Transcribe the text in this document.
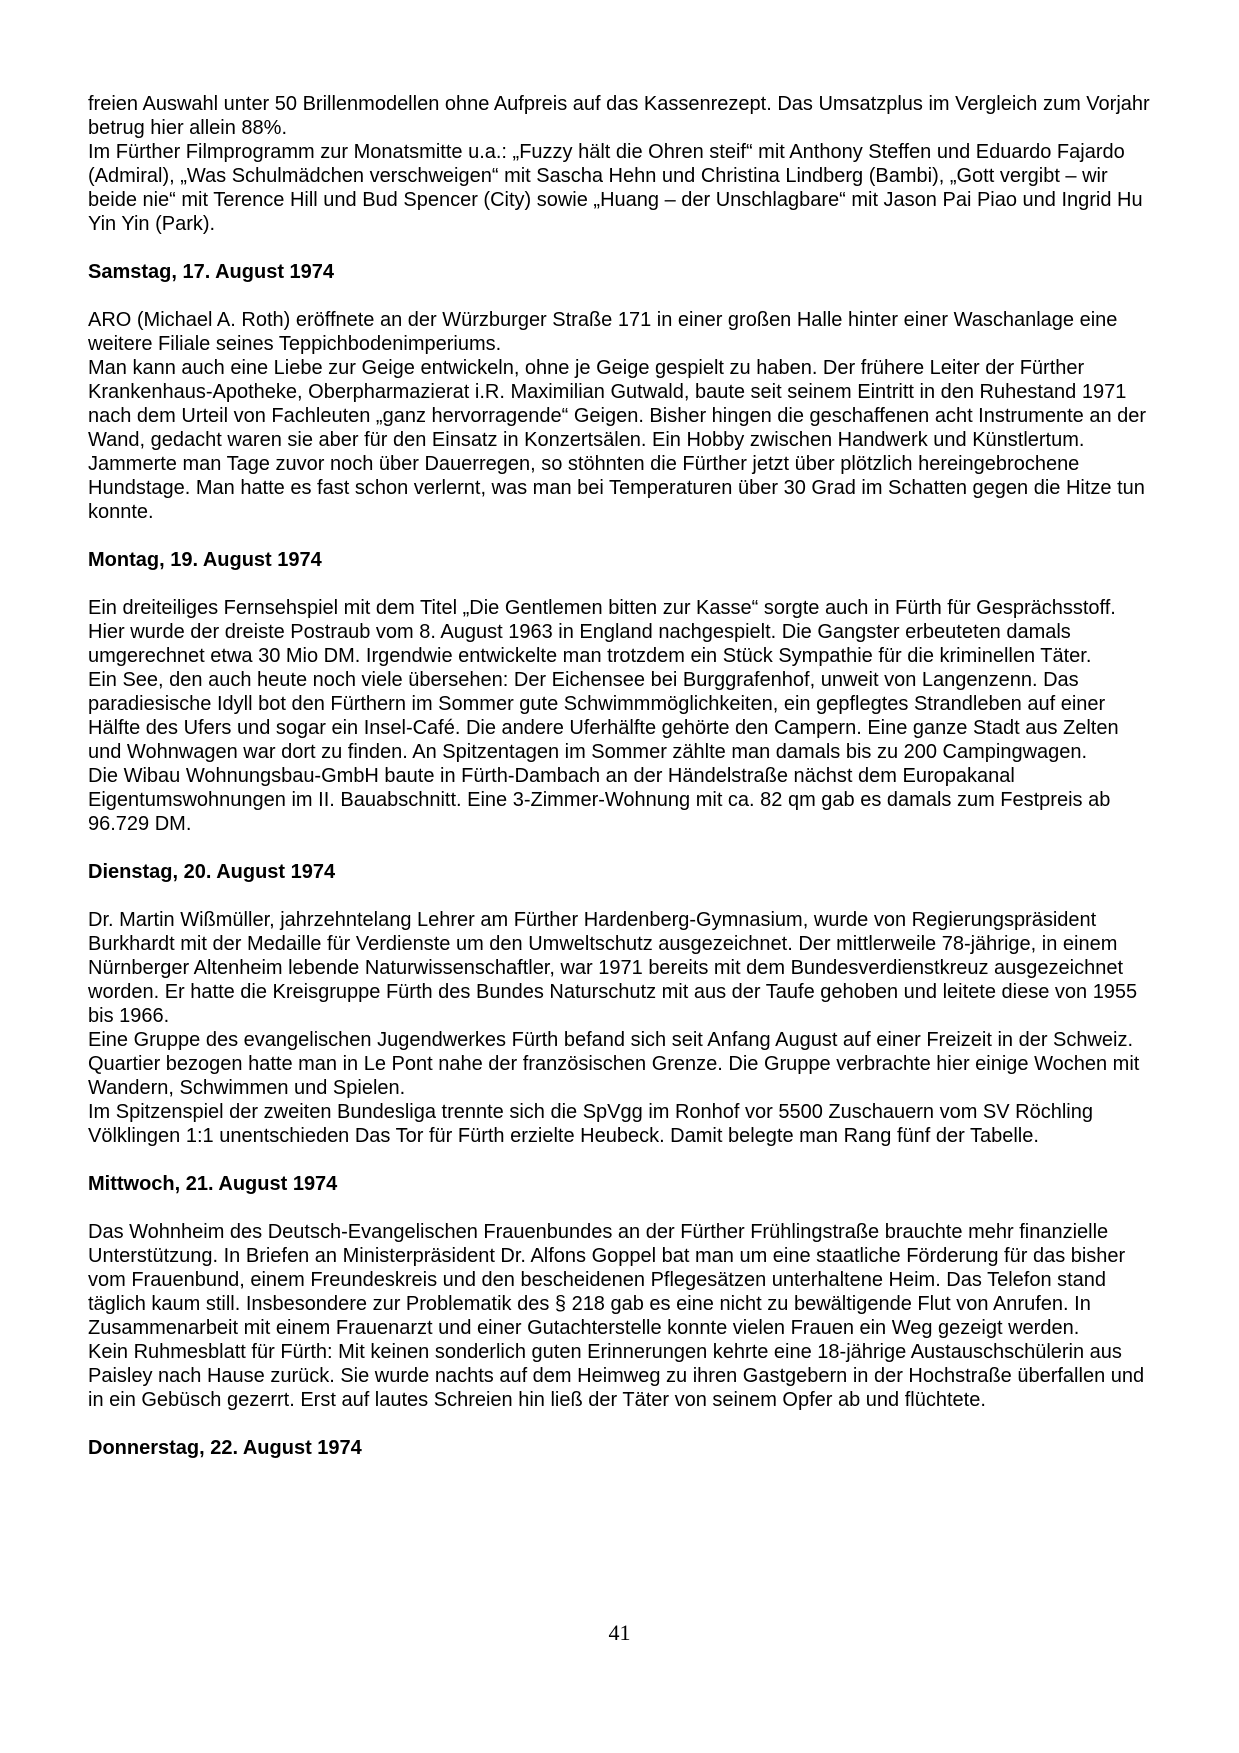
freien Auswahl unter 50 Brillenmodellen ohne Aufpreis auf das Kassenrezept. Das Umsatzplus im Vergleich zum Vorjahr betrug hier allein 88%.

Im Fürther Filmprogramm zur Monatsmitte u.a.: „Fuzzy hält die Ohren steif“ mit Anthony Steffen und Eduardo Fajardo (Admiral), „Was Schulmädchen verschweigen“ mit Sascha Hehn und Christina Lindberg (Bambi), „Gott vergibt – wir beide nie“ mit Terence Hill und Bud Spencer (City) sowie „Huang – der Unschlagbare“ mit Jason Pai Piao und Ingrid Hu Yin Yin (Park).

Samstag, 17. August 1974

ARO (Michael A. Roth) eröffnete an der Würzburger Straße 171 in einer großen Halle hinter einer Waschanlage eine weitere Filiale seines Teppichbodenimperiums.

Man kann auch eine Liebe zur Geige entwickeln, ohne je Geige gespielt zu haben. Der frühere Leiter der Fürther Krankenhaus-Apotheke, Oberpharmazierat i.R. Maximilian Gutwald, baute seit seinem Eintritt in den Ruhestand 1971 nach dem Urteil von Fachleuten „ganz hervorragende“ Geigen. Bisher hingen die geschaffenen acht Instrumente an der Wand, gedacht waren sie aber für den Einsatz in Konzertsälen. Ein Hobby zwischen Handwerk und Künstlertum.

Jammerte man Tage zuvor noch über Dauerregen, so stöhnten die Fürther jetzt über plötzlich hereingebrochene Hundstage. Man hatte es fast schon verlernt, was man bei Temperaturen über 30 Grad im Schatten gegen die Hitze tun konnte.

Montag, 19. August 1974

Ein dreiteiliges Fernsehspiel mit dem Titel „Die Gentlemen bitten zur Kasse“ sorgte auch in Fürth für Gesprächsstoff. Hier wurde der dreiste Postraub vom 8. August 1963 in England nachgespielt. Die Gangster erbeuteten damals umgerechnet etwa 30 Mio DM. Irgendwie entwickelte man trotzdem ein Stück Sympathie für die kriminellen Täter.

Ein See, den auch heute noch viele übersehen: Der Eichensee bei Burggrafenhof, unweit von Langenzenn. Das paradiesische Idyll bot den Fürthern im Sommer gute Schwimmmöglichkeiten, ein gepflegtes Strandleben auf einer Hälfte des Ufers und sogar ein Insel-Café. Die andere Uferhälfte gehörte den Campern. Eine ganze Stadt aus Zelten und Wohnwagen war dort zu finden. An Spitzentagen im Sommer zählte man damals bis zu 200 Campingwagen.

Die Wibau Wohnungsbau-GmbH baute in Fürth-Dambach an der Händelstraße nächst dem Europakanal Eigentumswohnungen im II. Bauabschnitt. Eine 3-Zimmer-Wohnung mit ca. 82 qm gab es damals zum Festpreis ab 96.729 DM.

Dienstag, 20. August 1974

Dr. Martin Wißmüller, jahrzehntelang Lehrer am Fürther Hardenberg-Gymnasium, wurde von Regierungspräsident Burkhardt mit der Medaille für Verdienste um den Umweltschutz ausgezeichnet. Der mittlerweile 78-jährige, in einem Nürnberger Altenheim lebende Naturwissenschaftler, war 1971 bereits mit dem Bundesverdienstkreuz ausgezeichnet worden. Er hatte die Kreisgruppe Fürth des Bundes Naturschutz mit aus der Taufe gehoben und leitete diese von 1955 bis 1966.

Eine Gruppe des evangelischen Jugendwerkes Fürth befand sich seit Anfang August auf einer Freizeit in der Schweiz. Quartier bezogen hatte man in Le Pont nahe der französischen Grenze. Die Gruppe verbrachte hier einige Wochen mit Wandern, Schwimmen und Spielen.

Im Spitzenspiel der zweiten Bundesliga trennte sich die SpVgg im Ronhof vor 5500 Zuschauern vom SV Röchling Völklingen 1:1 unentschieden Das Tor für Fürth erzielte Heubeck. Damit belegte man Rang fünf der Tabelle.

Mittwoch, 21. August 1974

Das Wohnheim des Deutsch-Evangelischen Frauenbundes an der Fürther Frühlingstraße brauchte mehr finanzielle Unterstützung. In Briefen an Ministerpräsident Dr. Alfons Goppel bat man um eine staatliche Förderung für das bisher vom Frauenbund, einem Freundeskreis und den bescheidenen Pflegesätzen unterhaltene Heim. Das Telefon stand täglich kaum still. Insbesondere zur Problematik des § 218 gab es eine nicht zu bewältigende Flut von Anrufen. In Zusammenarbeit mit einem Frauenarzt und einer Gutachterstelle konnte vielen Frauen ein Weg gezeigt werden.

Kein Ruhmesblatt für Fürth: Mit keinen sonderlich guten Erinnerungen kehrte eine 18-jährige Austauschschülerin aus Paisley nach Hause zurück. Sie wurde nachts auf dem Heimweg zu ihren Gastgebern in der Hochstraße überfallen und in ein Gebüsch gezerrt. Erst auf lautes Schreien hin ließ der Täter von seinem Opfer ab und flüchtete.

Donnerstag, 22. August 1974
41
